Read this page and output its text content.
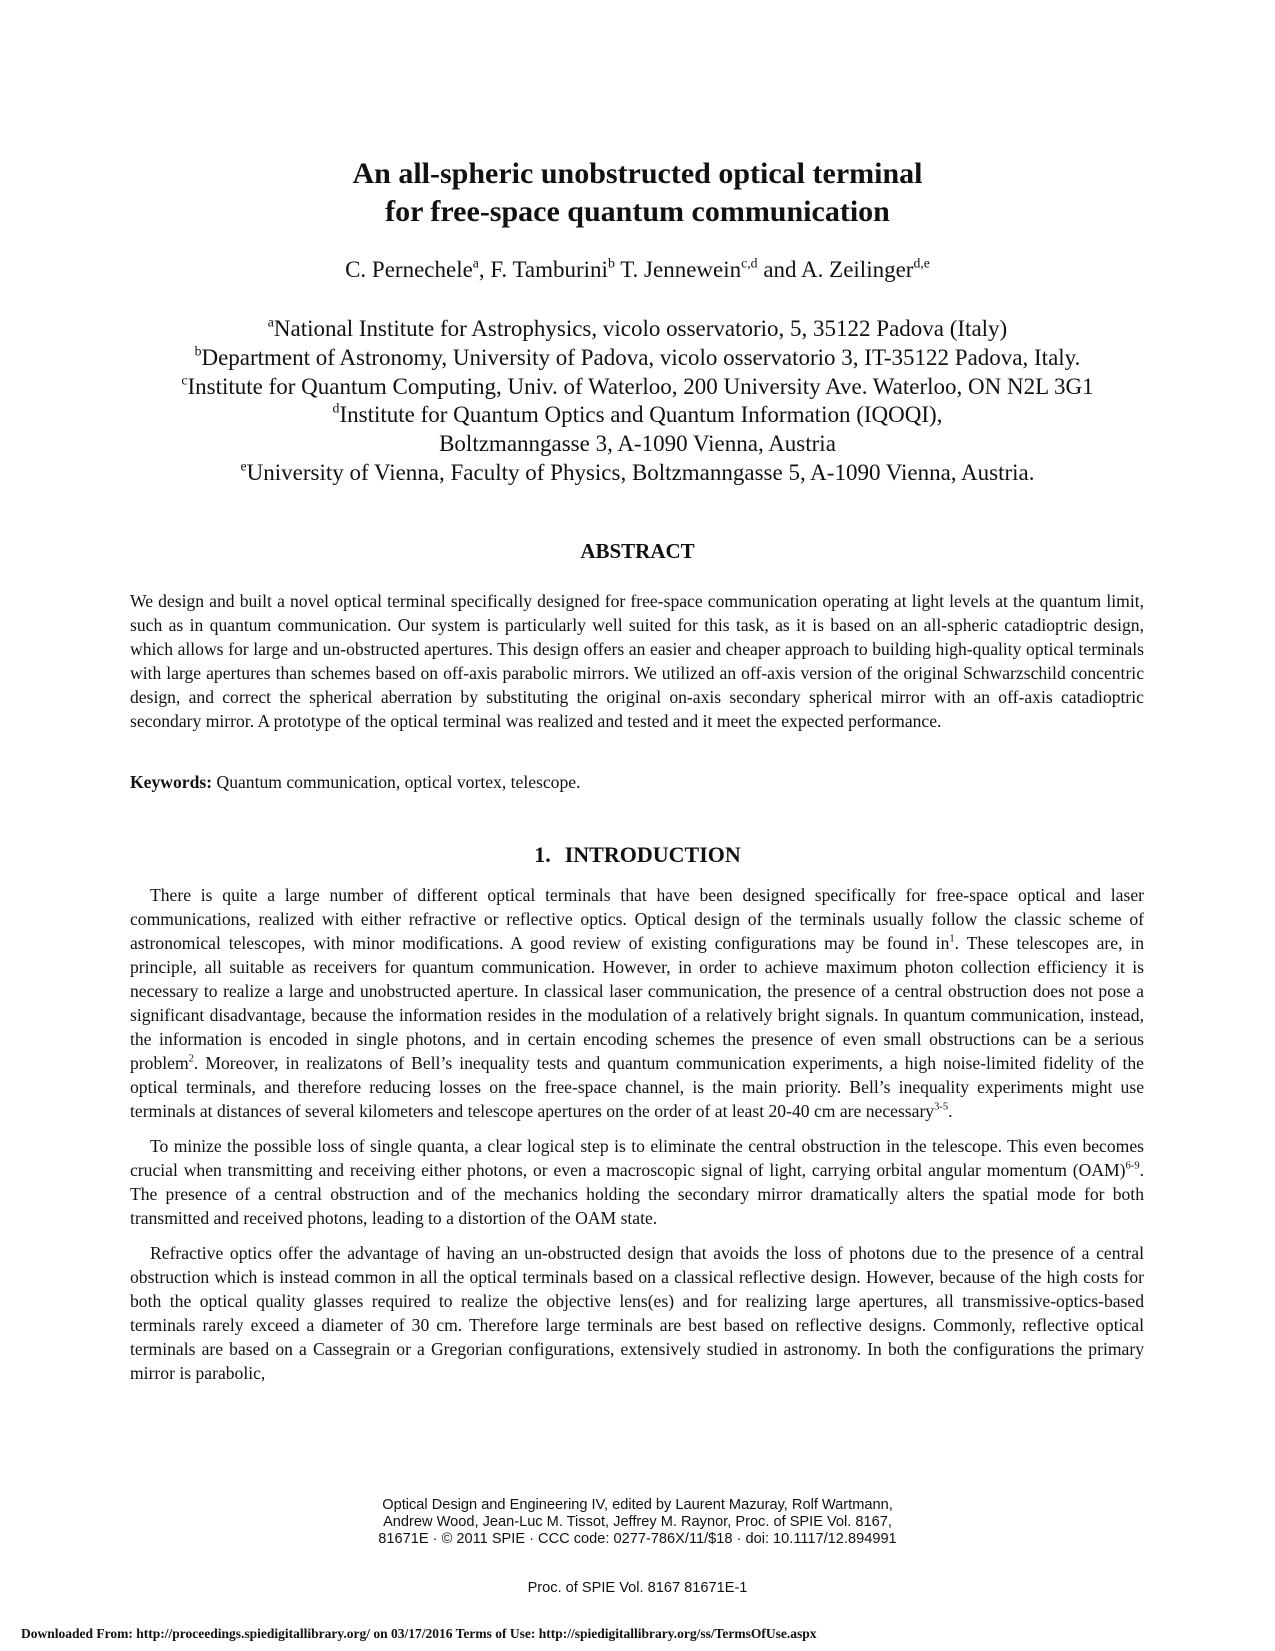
An all-spheric unobstructed optical terminal
for free-space quantum communication
C. Pernechele$^a$, F. Tamburini$^b$ T. Jennewein$^{c,d}$ and A. Zeilinger$^{d,e}$
$^a$National Institute for Astrophysics, vicolo osservatorio, 5, 35122 Padova (Italy)
$^b$Department of Astronomy, University of Padova, vicolo osservatorio 3, IT-35122 Padova, Italy.
$^c$Institute for Quantum Computing, Univ. of Waterloo, 200 University Ave. Waterloo, ON N2L 3G1
$^d$Institute for Quantum Optics and Quantum Information (IQOQI),
Boltzmanngasse 3, A-1090 Vienna, Austria
$^e$University of Vienna, Faculty of Physics, Boltzmanngasse 5, A-1090 Vienna, Austria.
ABSTRACT
We design and built a novel optical terminal specifically designed for free-space communication operating at light levels at the quantum limit, such as in quantum communication. Our system is particularly well suited for this task, as it is based on an all-spheric catadioptric design, which allows for large and un-obstructed apertures. This design offers an easier and cheaper approach to building high-quality optical terminals with large apertures than schemes based on off-axis parabolic mirrors. We utilized an off-axis version of the original Schwarzschild concentric design, and correct the spherical aberration by substituting the original on-axis secondary spherical mirror with an off-axis catadioptric secondary mirror. A prototype of the optical terminal was realized and tested and it meet the expected performance.
Keywords: Quantum communication, optical vortex, telescope.
1. INTRODUCTION

There is quite a large number of different optical terminals that have been designed specifically for free-space optical and laser communications, realized with either refractive or reflective optics. Optical design of the terminals usually follow the classic scheme of astronomical telescopes, with minor modifications. A good review of existing configurations may be found $in^1$. These telescopes are, in principle, all suitable as receivers for quantum communication. However, in order to achieve maximum photon collection efficiency it is necessary to realize a large and unobstructed aperture. In classical laser communication, the presence of a central obstruction does not pose a significant disadvantage, because the information resides in the modulation of a relatively bright signals. In quantum communication, instead, the information is encoded in single photons, and in certain encoding schemes the presence of even small obstructions can be a serious problem$^2$. Moreover, in realizatons of Bell’s inequality tests and quantum communication experiments, a high noise-limited fidelity of the optical terminals, and therefore reducing losses on the free-space channel, is the main priority. Bell’s inequality experiments might use terminals at distances of several kilometers and telescope apertures on the order of at least 20-40 cm are necessary$^{3-5}$.

To minize the possible loss of single quanta, a clear logical step is to eliminate the central obstruction in the telescope. This even becomes crucial when transmitting and receiving either photons, or even a macroscopic signal of light, carrying orbital angular momentum (OAM)$^{6-9}$. The presence of a central obstruction and of the mechanics holding the secondary mirror dramatically alters the spatial mode for both transmitted and received photons, leading to a distortion of the OAM state.

Refractive optics offer the advantage of having an un-obstructed design that avoids the loss of photons due to the presence of a central obstruction which is instead common in all the optical terminals based on a classical reflective design. However, because of the high costs for both the optical quality glasses required to realize the objective lens(es) and for realizing large apertures, all transmissive-optics-based terminals rarely exceed a diameter of 30 cm. Therefore large terminals are best based on reflective designs. Commonly, reflective optical terminals are based on a Cassegrain or a Gregorian configurations, extensively studied in astronomy. In both the configurations the primary mirror is parabolic,

Optical Design and Engineering IV, edited by Laurent Mazuray, Rolf Wartmann,
Andrew Wood, Jean-Luc M. Tissot, Jeffrey M. Raynor, Proc. of SPIE Vol. 8167,
81671E · © 2011 SPIE · CCC code: 0277-786X/11/$18 · doi: 10.1117/12.894991
Proc. of SPIE Vol. 8167 81671E-1
Downloaded From: http://proceedings.spiedigitallibrary.org/ on 03/17/2016 Terms of Use: http://spiedigitallibrary.org/ss/TermsOfUse.aspx
